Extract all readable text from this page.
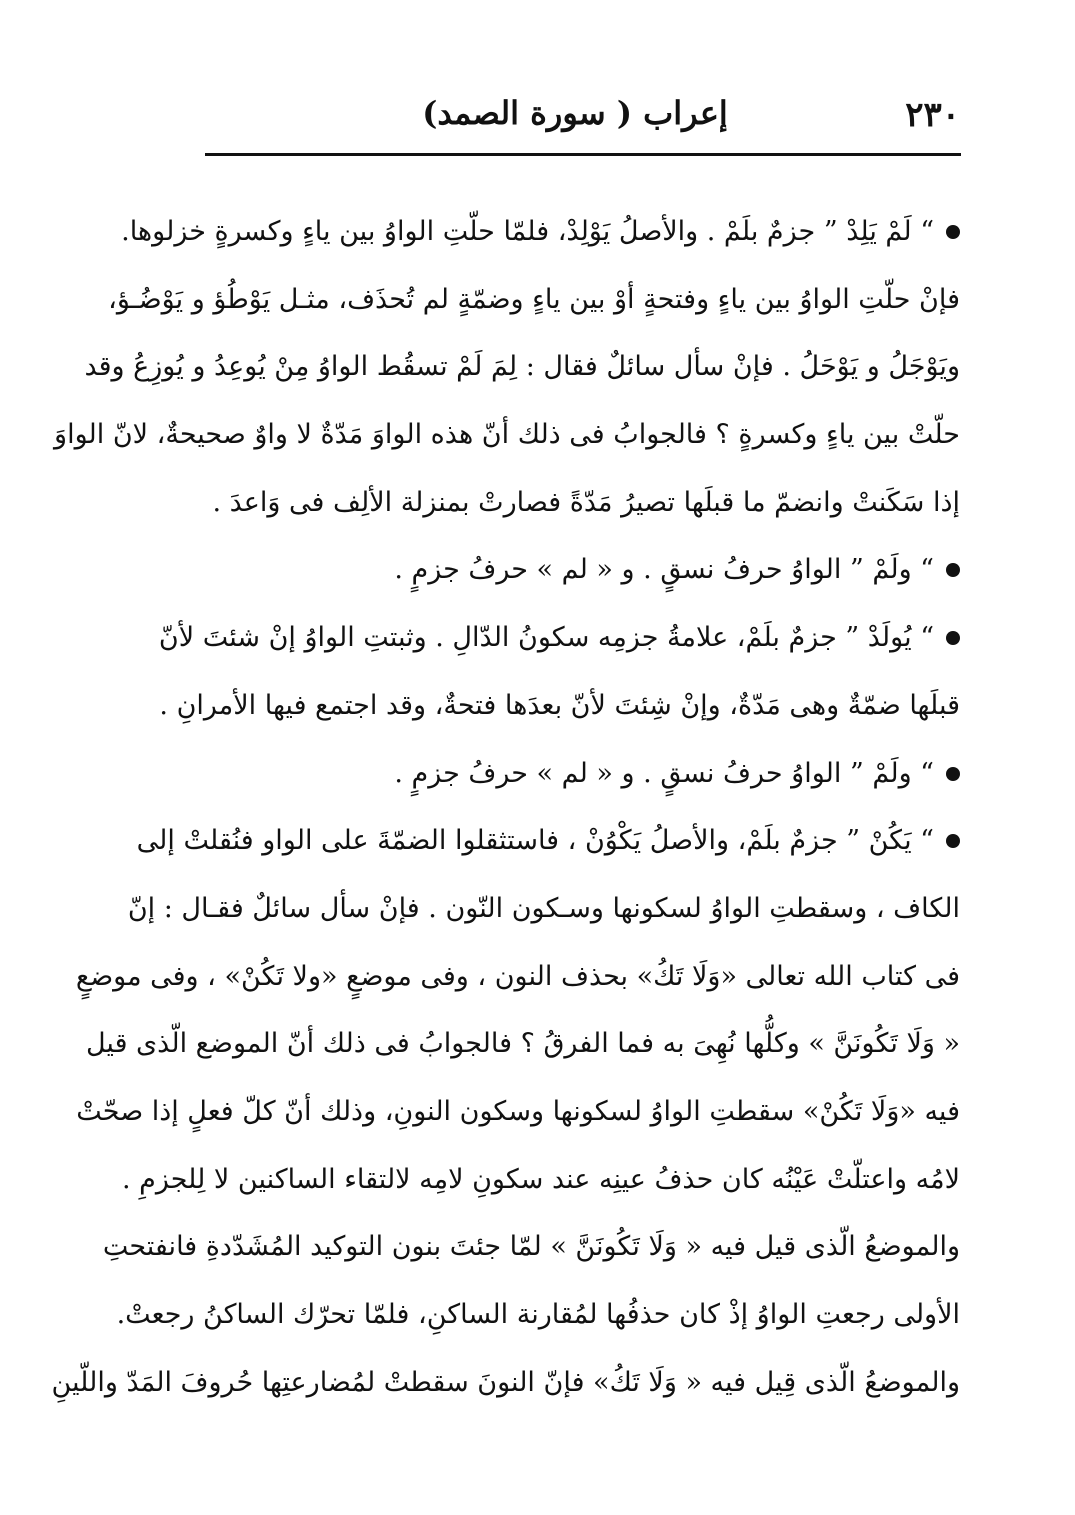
٢٣٠
إعراب ( سورة الصمد)
“ لَمْ يَلِدْ ” جزمٌ بلَمْ . والأصلُ يَوْلِدْ، فلمّا حلّتِ الواوُ بين ياءٍ وكسرةٍ خزلوها.
فإنْ حلّتِ الواوُ بين ياءٍ وفتحةٍ أوْ بين ياءٍ وضمّةٍ لم تُحذَف، مثـل يَوْطُؤ و يَوْضُـؤ،
ويَوْجَلُ و يَوْحَلُ . فإنْ سأل سائلٌ فقال : لِمَ لَمْ تسقُط الواوُ مِنْ يُوعِدُ و يُوزِعُ وقد
حلّتْ بين ياءٍ وكسرةٍ ؟ فالجوابُ فى ذلك أنّ هذه الواوَ مَدّةٌ لا واوٌ صحيحةٌ، لانّ الواوَ
إذا سَكَنتْ وانضمّ ما قبلَها تصيرُ مَدّةً فصارتْ بمنزلة الألِف فى وَاعدَ .
“ ولَمْ ” الواوُ حرفُ نسقٍ . و « لم » حرفُ جزمٍ .
“ يُولَدْ ” جزمٌ بلَمْ، علامةُ جزمِه سكونُ الدّالِ . وثبتتِ الواوُ إنْ شئتَ لأنّ
قبلَها ضمّةٌ وهى مَدّةٌ، وإنْ شِئتَ لأنّ بعدَها فتحةٌ، وقد اجتمع فيها الأمرانِ .
“ ولَمْ ” الواوُ حرفُ نسقٍ . و « لم » حرفُ جزمٍ .
“ يَكُنْ ” جزمٌ بلَمْ، والأصلُ يَكْوُنْ ، فاستثقلوا الضمّةَ على الواو فنُقلتْ إلى
الكاف ، وسقطتِ الواوُ لسكونها وسـكون النّون . فإنْ سأل سائلٌ فقـال : إنّ
فى كتاب الله تعالى «وَلَا تَكُ» بحذف النون ، وفى موضعٍ «ولا تَكُنْ» ، وفى موضعٍ
« وَلَا تَكُونَنَّ » وكلُّها نُهِىَ به فما الفرقُ ؟ فالجوابُ فى ذلك أنّ الموضع الّذى قيل
فيه «وَلَا تَكُنْ» سقطتِ الواوُ لسكونها وسكون النونِ، وذلك أنّ كلّ فعلٍ إذا صحّتْ
لامُه واعتلّتْ عَيْنُه كان حذفُ عينِه عند سكونِ لامِه لالتقاء الساكنين لا لِلجزمِ .
والموضعُ الّذى قيل فيه « وَلَا تَكُونَنَّ » لمّا جئتَ بنون التوكيد المُشَدّدةِ فانفتحتِ
الأولى رجعتِ الواوُ إذْ كان حذفُها لمُقارنة الساكنِ، فلمّا تحرّك الساكنُ رجعتْ.
والموضعُ الّذى قِيل فيه « وَلَا تَكُ» فإنّ النونَ سقطتْ لمُضارعتِها حُروفَ المَدّ واللّينِ
